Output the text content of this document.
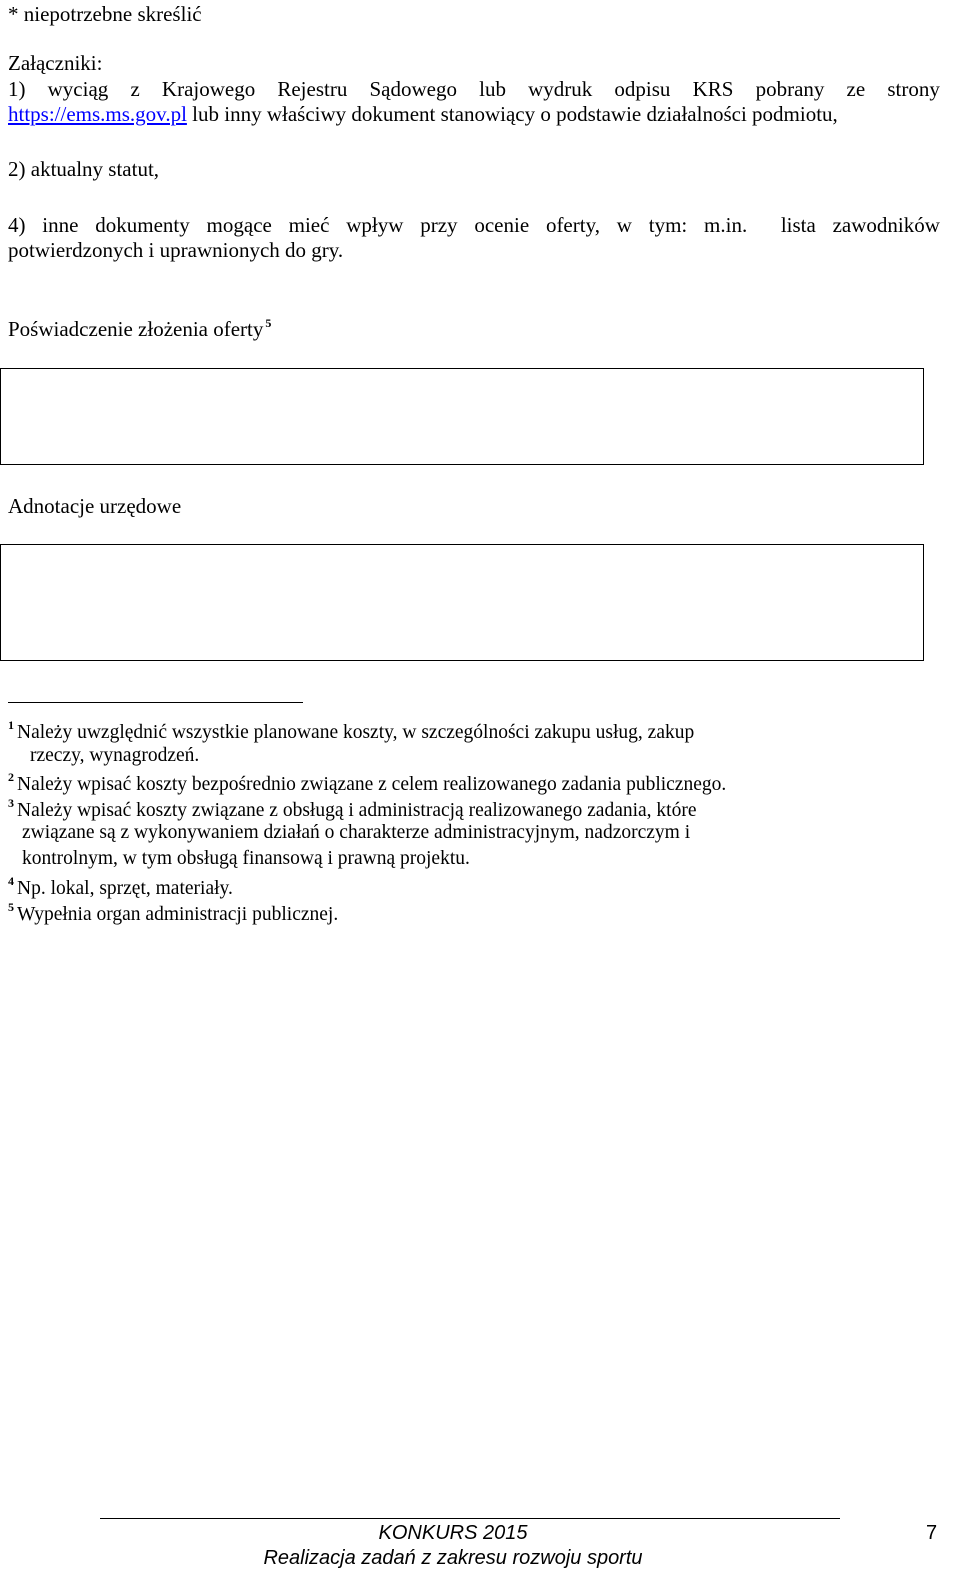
* niepotrzebne skreślić
Załączniki:
1) wyciąg z Krajowego Rejestru Sądowego lub wydruk odpisu KRS pobrany ze strony
https://ems.ms.gov.pl lub inny właściwy dokument stanowiący o podstawie działalności podmiotu,
2) aktualny statut,
4) inne dokumenty mogące mieć wpływ przy ocenie oferty, w tym: m.in. lista zawodników
potwierdzonych i uprawnionych do gry.
Poświadczenie złożenia oferty $^5$
Adnotacje urzędowe
$^1$ Należy uwzględnić wszystkie planowane koszty, w szczególności zakupu usług, zakup
rzeczy, wynagrodzeń.
$^2$ Należy wpisać koszty bezpośrednio związane z celem realizowanego zadania publicznego.
$^3$ Należy wpisać koszty związane z obsługą i administracją realizowanego zadania, które
związane są z wykonywaniem działań o charakterze administracyjnym, nadzorczym i
kontrolnym, w tym obsługą finansową i prawną projektu.
$^4$ Np. lokal, sprzęt, materiały.
$^5$ Wypełnia organ administracji publicznej.
KONKURS 2015	7
Realizacja zadań z zakresu rozwoju sportu
